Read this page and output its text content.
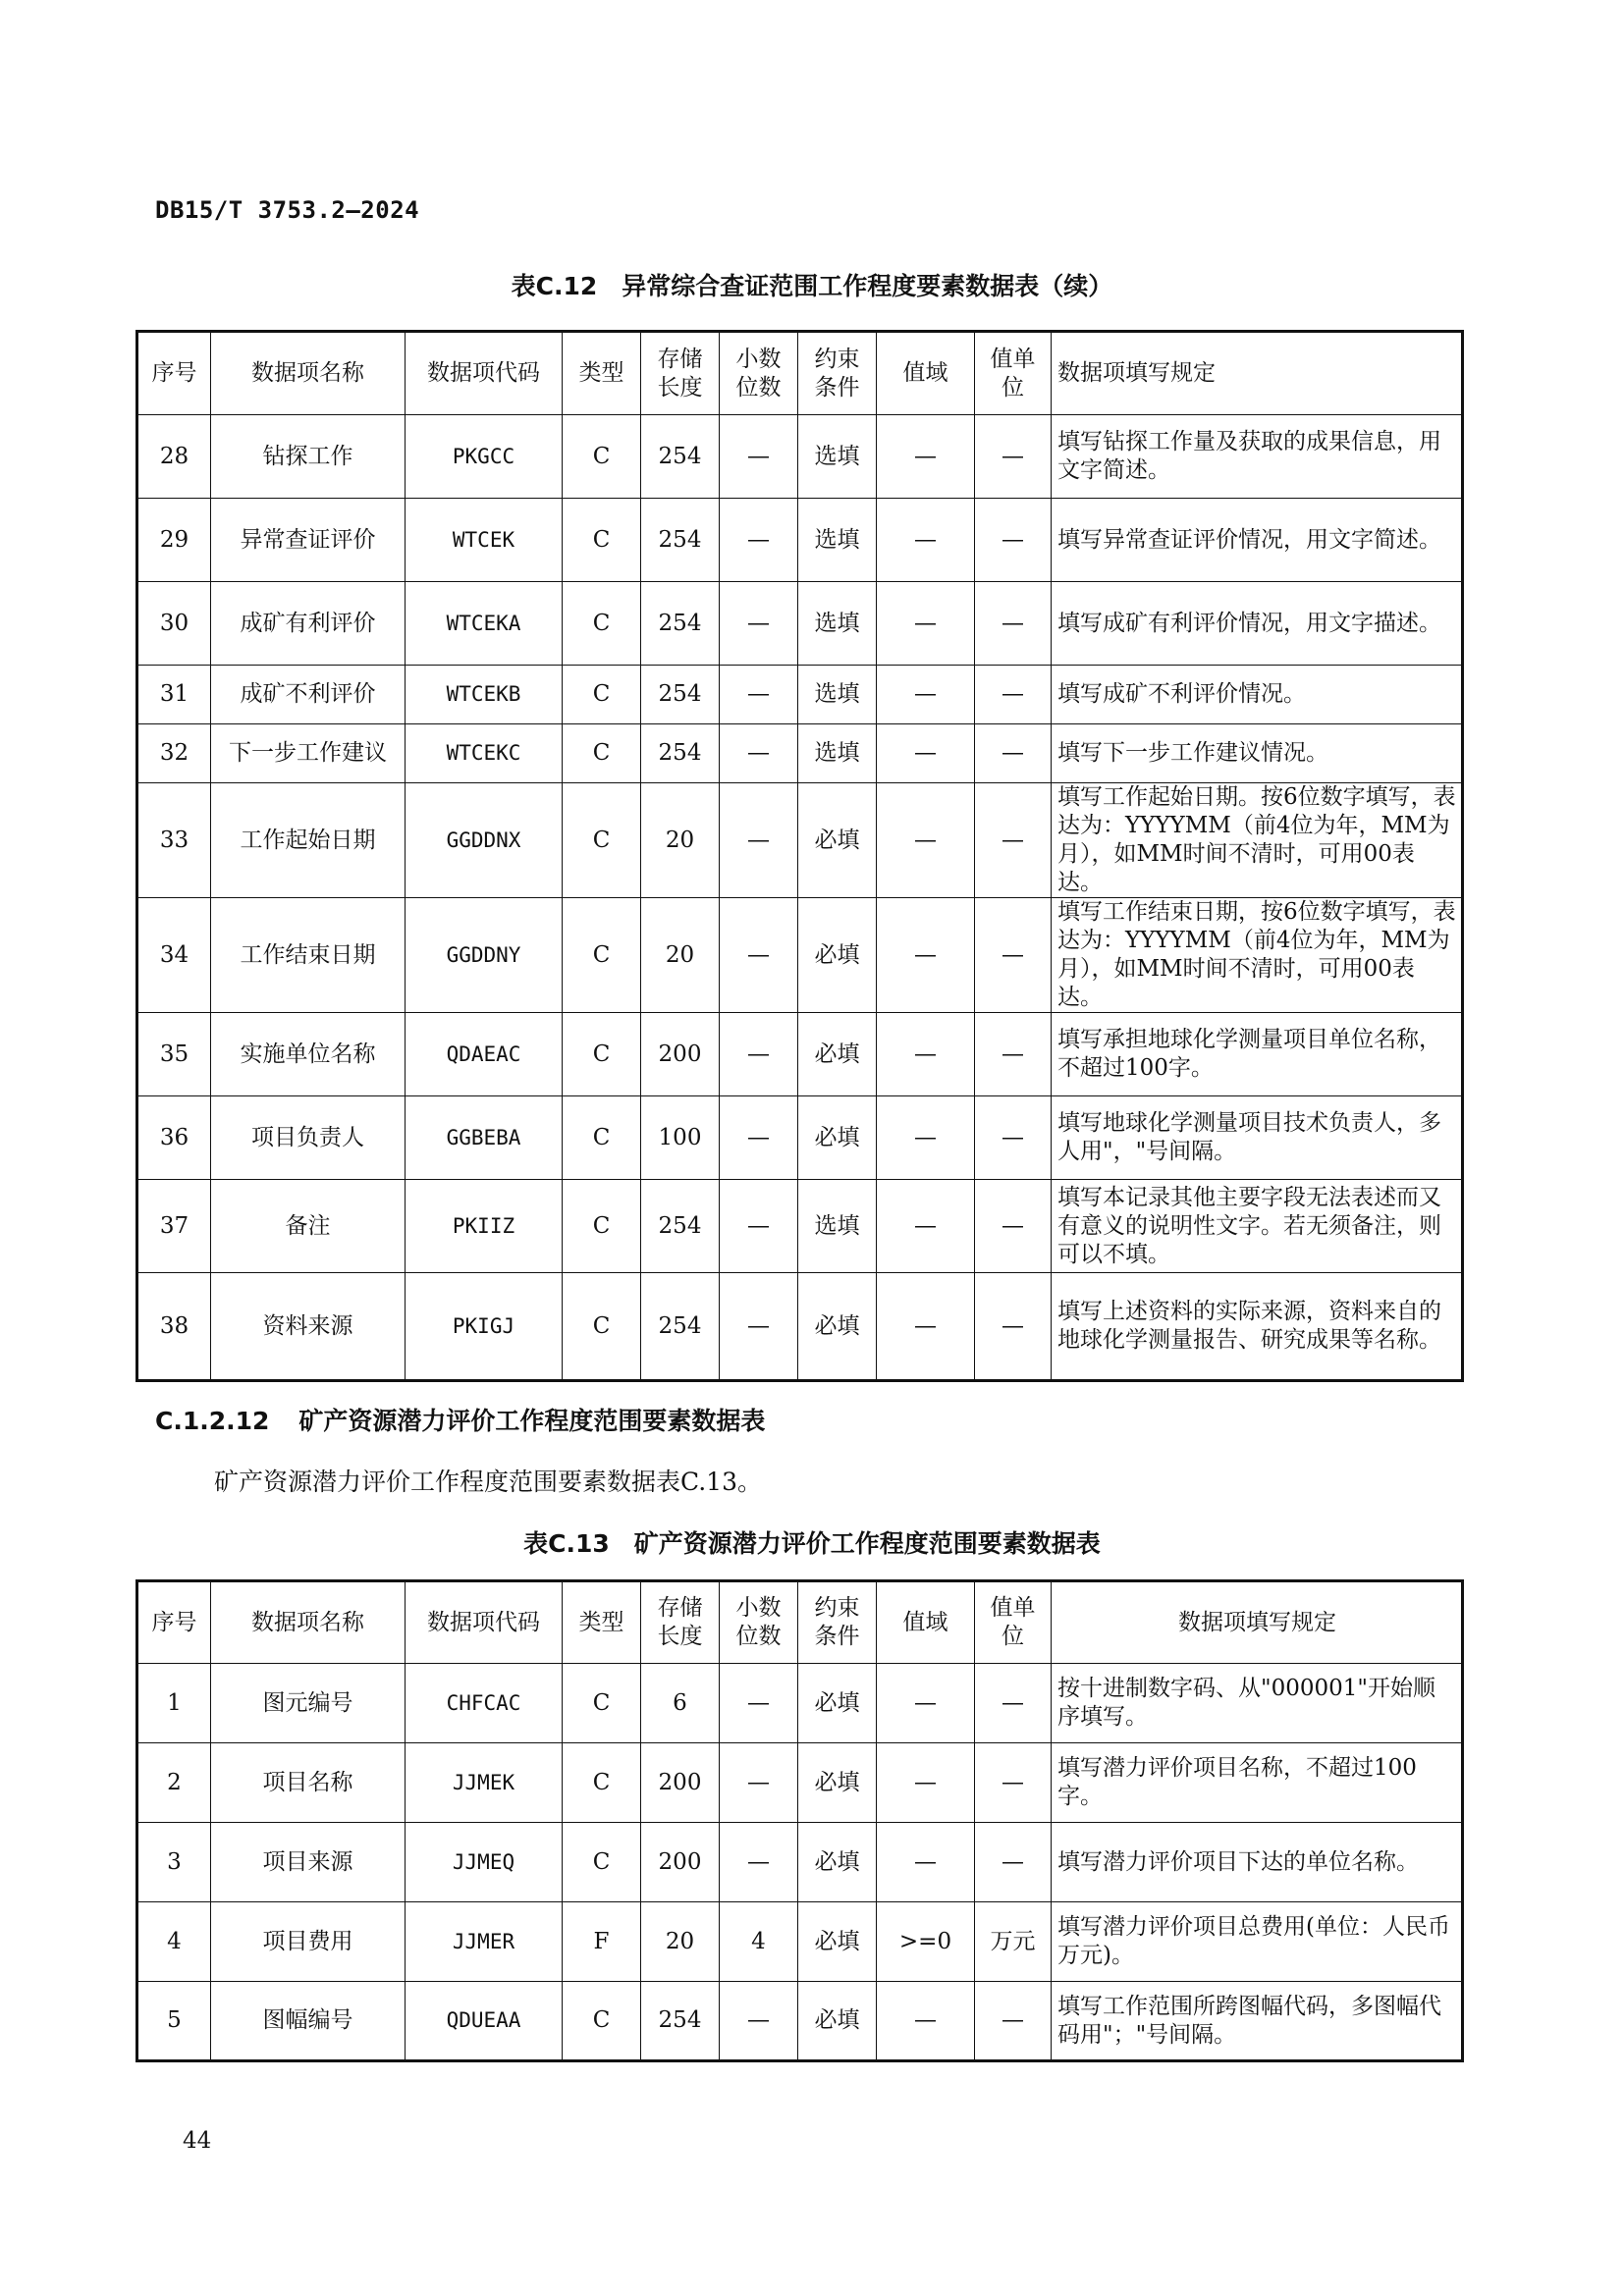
DB15/T 3753.2—2024
表C.12　异常综合查证范围工作程度要素数据表（续）
序号	数据项名称	数据项代码	类型	存储长度	小数位数	约束条件	值域	值单位	数据项填写规定
28	钻探工作	PKGCC	C	254	—	选填	—	—	填写钻探工作量及获取的成果信息，用文字简述。
29	异常查证评价	WTCEK	C	254	—	选填	—	—	填写异常查证评价情况，用文字简述。
30	成矿有利评价	WTCEKA	C	254	—	选填	—	—	填写成矿有利评价情况，用文字描述。
31	成矿不利评价	WTCEKB	C	254	—	选填	—	—	填写成矿不利评价情况。
32	下一步工作建议	WTCEKC	C	254	—	选填	—	—	填写下一步工作建议情况。
33	工作起始日期	GGDDNX	C	20	—	必填	—	—	填写工作起始日期。按6位数字填写，表达为：YYYYMM（前4位为年，MM为月），如MM时间不清时，可用00表达。
34	工作结束日期	GGDDNY	C	20	—	必填	—	—	填写工作结束日期，按6位数字填写，表达为：YYYYMM（前4位为年，MM为月），如MM时间不清时，可用00表达。
35	实施单位名称	QDAEAC	C	200	—	必填	—	—	填写承担地球化学测量项目单位名称，不超过100字。
36	项目负责人	GGBEBA	C	100	—	必填	—	—	填写地球化学测量项目技术负责人，多人用"，"号间隔。
37	备注	PKIIZ	C	254	—	选填	—	—	填写本记录其他主要字段无法表述而又有意义的说明性文字。若无须备注，则可以不填。
38	资料来源	PKIGJ	C	254	—	必填	—	—	填写上述资料的实际来源，资料来自的地球化学测量报告、研究成果等名称。
C.1.2.12 矿产资源潜力评价工作程度范围要素数据表
矿产资源潜力评价工作程度范围要素数据表C.13。
表C.13　矿产资源潜力评价工作程度范围要素数据表
序号	数据项名称	数据项代码	类型	存储长度	小数位数	约束条件	值域	值单位	数据项填写规定
1	图元编号	CHFCAC	C	6	—	必填	—	—	按十进制数字码、从"000001"开始顺序填写。
2	项目名称	JJMEK	C	200	—	必填	—	—	填写潜力评价项目名称，不超过100字。
3	项目来源	JJMEQ	C	200	—	必填	—	—	填写潜力评价项目下达的单位名称。
4	项目费用	JJMER	F	20	4	必填	>=0	万元	填写潜力评价项目总费用(单位：人民币万元)。
5	图幅编号	QDUEAA	C	254	—	必填	—	—	填写工作范围所跨图幅代码，多图幅代码用"；"号间隔。
44
